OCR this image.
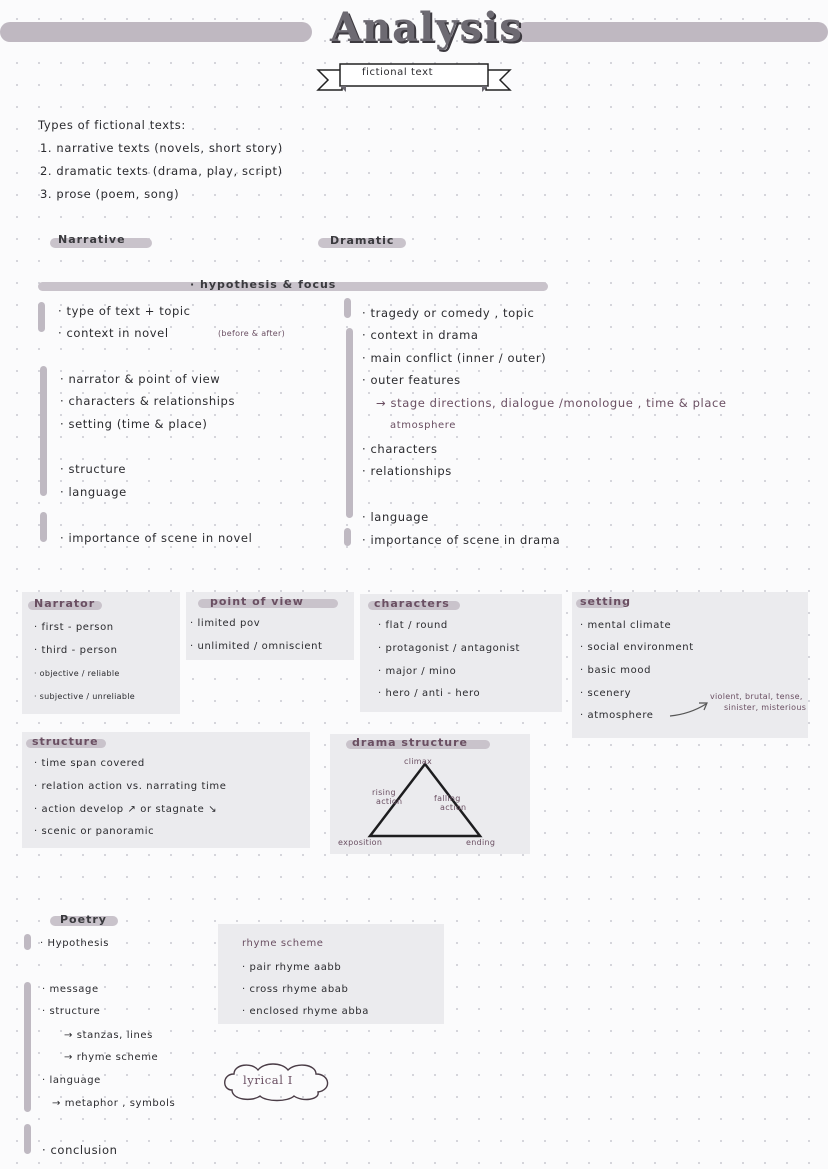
Analysis
fictional text
Types of fictional texts:
1. narrative texts (novels, short story)
2. dramatic texts (drama, play, script)
3. prose (poem, song)
Narrative	Dramatic
· hypothesis & focus
· type of text + topic
· context in novel	(before & after)
· narrator & point of view
· characters & relationships
· setting (time & place)
· structure
· language
· importance of scene in novel
· tragedy or comedy , topic
· context in drama
· main conflict (inner / outer)
· outer features
→ stage directions, dialogue /monologue , time & place
atmosphere
· characters
· relationships
· language
· importance of scene in drama
Narrator
· first - person
· third - person
· objective / reliable
· subjective / unreliable
point of view
· limited pov
· unlimited / omniscient
characters
· flat / round
· protagonist / antagonist
· major / mino
· hero / anti - hero
setting
· mental climate
· social environment
· basic mood
· scenery
· atmosphere
violent, brutal, tense,
sinister, misterious
structure
· time span covered
· relation action vs. narrating time
· action develop ↗ or stagnate ↘
· scenic or panoramic
drama structure
climax
rising
action	falling
action
exposition	ending
Poetry
· Hypothesis
· message
· structure
→ stanzas, lines
→ rhyme scheme
· language
→ metaphor , symbols
· conclusion
lyrical I
rhyme scheme
· pair rhyme aabb
· cross rhyme abab
· enclosed rhyme abba
